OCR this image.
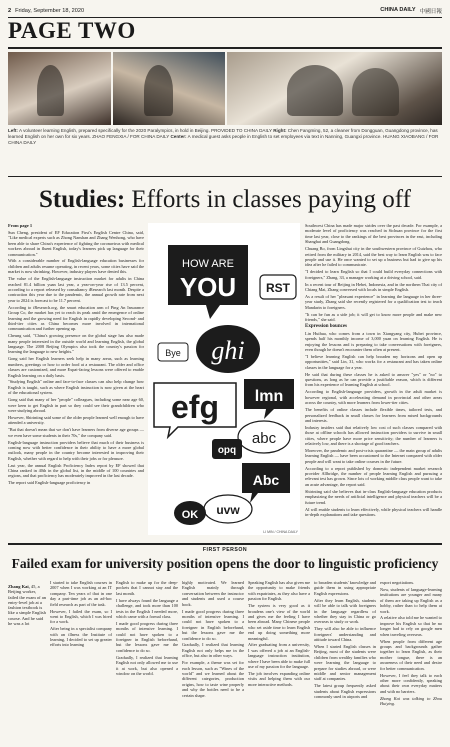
2 Friday, September 18, 2020	CHINA DAILY 中國日報
PAGE TWO
Left: A volunteer learning English, prepared specifically for the 2020 Paralympics, in hold in Beijing. PROVIDED TO CHINA DAILY Right: Chen Fangming, 52, a cleaner from Dongguan, Guangdong province, has learned English on her own for six years. ZHAO FENGXIA / FOR CHINA DAILY Center: A medical guest asks people in English to set employees via text in Nanning, Guangxi province. HUANG XIAOBANG / FOR CHINA DAILY
Studies: Efforts in classes paying off

From page 1

Sun Cheng, president of EF Education First's English Centre China, said, "Like medical experts such as Zhong Nanshan and Zhang Wenhong, who have been able to share China's experience of fighting the coronavirus with medical workers abroad in fluent English, today's learners pick up language for their communication."

With a considerable number of English-language education businesses for children and adults resume operating, in recent years, some cities have said the market is now shrinking. However, industry players have denied this.

The value of the English-language instruction market for adults in China reached 81.4 billion yuan last year, a year-on-year rise of 13.5 percent, according to a report released by consultancy iResearch last month. Despite a contraction this year due to the pandemic, the annual growth rate from next year to 2024 is forecast to be 11.7 percent.

According to iResearch.org, the smart education arm of Ping An Insurance Group Co, the market has yet to reach its peak amid the emergence of online learning and the growing need for English in rapidly developing Second- and third-tier cities as China becomes more involved in international communication and further opening up.

Cheung said, "China's growing presence on the global stage has also made many people interested in the outside world and learning English, the global language. The 2008 Beijing Olympics also took the country's passion for learning the language to new heights."

Gong said her English learners seek help in many areas, such as learning numbers, greetings or how to order food at a restaurant. The older and office classes are customized, and more Expat-facing lessons were offered to enable English learning on a daily basis.

"Studying English" online and face-to-face classes can also help change how English is taught, such as where English instruction is now given at the heart of the educational system.

Gong said that many of her "people" colleagues, including some near age 60, were keen to get English in part so they could see their grandchildren who were studying abroad.

However, Shirinting said some of the older people learned well enough to have attended a university.

"But that doesn't mean that we don't have learners from diverse age groups — we even have some students in their 70s," the company said.

English-language instruction providers believe that much of their business is coming now with better confidence in their ability to have a more global outlook, many people in the country become interested in improving their English, whether with regard to help with their jobs or for pleasure.

Last year, the annual English Proficiency Index report by EF showed that China ranked in 40th in the global list, in the middle of 100 countries and regions, and that proficiency has moderately improved in the last decade.

The report said English-language proficiency in

Southwest China has made major strides over the past decade. For example, a moderate level of proficiency was reached in Sichuan province for the first time last year, close to the rankings of the best provinces in the east, including Shanghai and Guangdong.

Chuang Bo, from Lingshui city in the southwestern province of Guizhou, who retired from the military in 2014, said the best way to learn English was to face people and use it. He once wanted to set up a business but had to give up his idea after he failed to communicate.

"I decided to learn English so that I could build everyday connections with foreigners," Zhang, 33, a manager working at a driving school, said.

In a recent tour of Beijing in Hebei, Indonesia, and in the northern Thai city of Chiang Mai, Zhang conversed with locals in simple English.

As a result of her "pleasant experience" in learning the language in her three-year study, Zhang said she recently registered for a qualification test to teach Mandarin to foreigners.

"It can be fun as a side job; it will get to know more people and make new friends," she said.

Expression bounces

Lin Huihua, who comes from a town in Xiangyang city, Hubei province, spends half his monthly income of 3,000 yuan on learning English. He is enjoying the lessons and is preparing to take conversations with foreigners, even though he doesn't encounter them often at present.

"I believe learning English can help broaden my horizons and open up opportunities," said Lin, 31, who works for a restaurant and has taken online classes in the language for a year.

He said that during these classes he is asked to answer "yes" or "no" to questions, as long as he can provide a justifiable reason, which is different from his experience of learning English at school.

According to English-language providers, growth in the adult market is however regional, with accelerating demand in provincial and other areas across the country, with more learners from lower-tier cities.

The benefits of online classes include flexible times, tailored tests, and personalized feedback in small classes for learners from mixed backgrounds and interests.

Industry insiders said that relatively low cost of such classes compared with those at offline schools has allowed instruction providers to survive in small cities, where people have more price sensitivity; the number of learners is relatively low, and there is a shortage of good teachers.

Moreover, the pandemic and post-crisis quarantine — the main group of adults learning English — have been accustomed to the Internet compared with older people and will want to take online courses in the future.

According to a report published by domestic independent market research provider Allbridge, the number of people learning English and pursuing a relevant test has grown. Since lots of working middle class people want to take an acute advantage, the report said.

Shirinting said she believes that in-class English-language education products emphasizing the needs of artificial intelligence and physical teachers will be a future trend.

AI will enable students to learn effectively, while physical teachers will handle in-depth explanations and take questions.

HOW ARE
YOU
ghi
RST
Bye
efg lmn
abc
opq
Abc
uvw
OK
LI MIN / CHINA DAILY
FIRST PERSON
Failed exam for university position opens the door to linguistic proficiency
Zhang Kai, 45, a Beijing worker, failed the exam of an entry-level job at a fashion textbook is like a simple English course. And he said he was a lot

I started to take English courses in 2007 when I was working at an IT company. Ten years of that in one day a part-time job as an ad-hoc field research as part of the task.

However, I failed the exam, so I went to English, which I was hired for a work.

After being in a specialist company with an illness the Institute of learning, I decided to set up greater efforts into learning

English to make up for the deep-pockets that I cannot stay and the last month.

I have always found the language a challenge, and took more than 100 tests in the English I needed more, which came with a formal class.

I made good progress during three months of intensive learning. I could not have spoken to a foreigner in English beforehand, but the lessons gave me the confidence to do so.

Gradually, I realized that learning English not only allowed me to use it at work, but also opened a window on the world.

highly motivated. We learned English mainly through conversation between the instructor and students and used a course book.

I made good progress during three months of intensive learning. I could not have spoken to a foreigner in English beforehand, but the lessons gave me the confidence to do so.

Gradually, I realized that learning English not only helps me in the office, but also in other ways.

For example, a theme was set for each lesson, such as "Wines of the world" and we learned about the different categories, production origins, how to taste wine properly and why the bottles need to be a certain shape.

Speaking English has also given me the opportunity to make friends with expatriates, as they also have a passion for English.

The system is very good as it broadens one's view of the world and gives me the feeling I have been abroad. Many Chinese people who set aside time to learn English end up doing something more meaningful.

After graduating from a university, I was offered a job at an English-language instruction institution, where I have been able to make full use of my passion for the language.

The job involves expanding online visits and helping them with our more interactive methods.

to broaden students' knowledge and guide them in using appropriate English expressions.

After they learn English, students will be able to talk with foreigners in the language regardless of whether they stay in China or go overseas to study or work.

They will also be able to influence foreigners' understanding and attitude toward China.

When I started English classes in Beijing, most of the students were children from wealthy families who were learning the language to prepare for studies abroad, or were middle and senior management staff at companies.

The latest group frequently asked students about English expressions commonly used in airports and

export negotiations.

Now, students of language-learning institutions are younger and many of them are taking up English as a hobby, rather than to help them at work.

A relative also told me he wanted to improve his English so that he no longer had to rely on google men when traveling overseas.

When people from different age groups and backgrounds gather together to learn English, as their mother tongue, there is an awareness of their need and desire for better communication.

However, I feel they talk to each other more confidently, speaking about their own everyday matters and with no barriers.

Zhang Kai was talking to Zhou Huiying.
